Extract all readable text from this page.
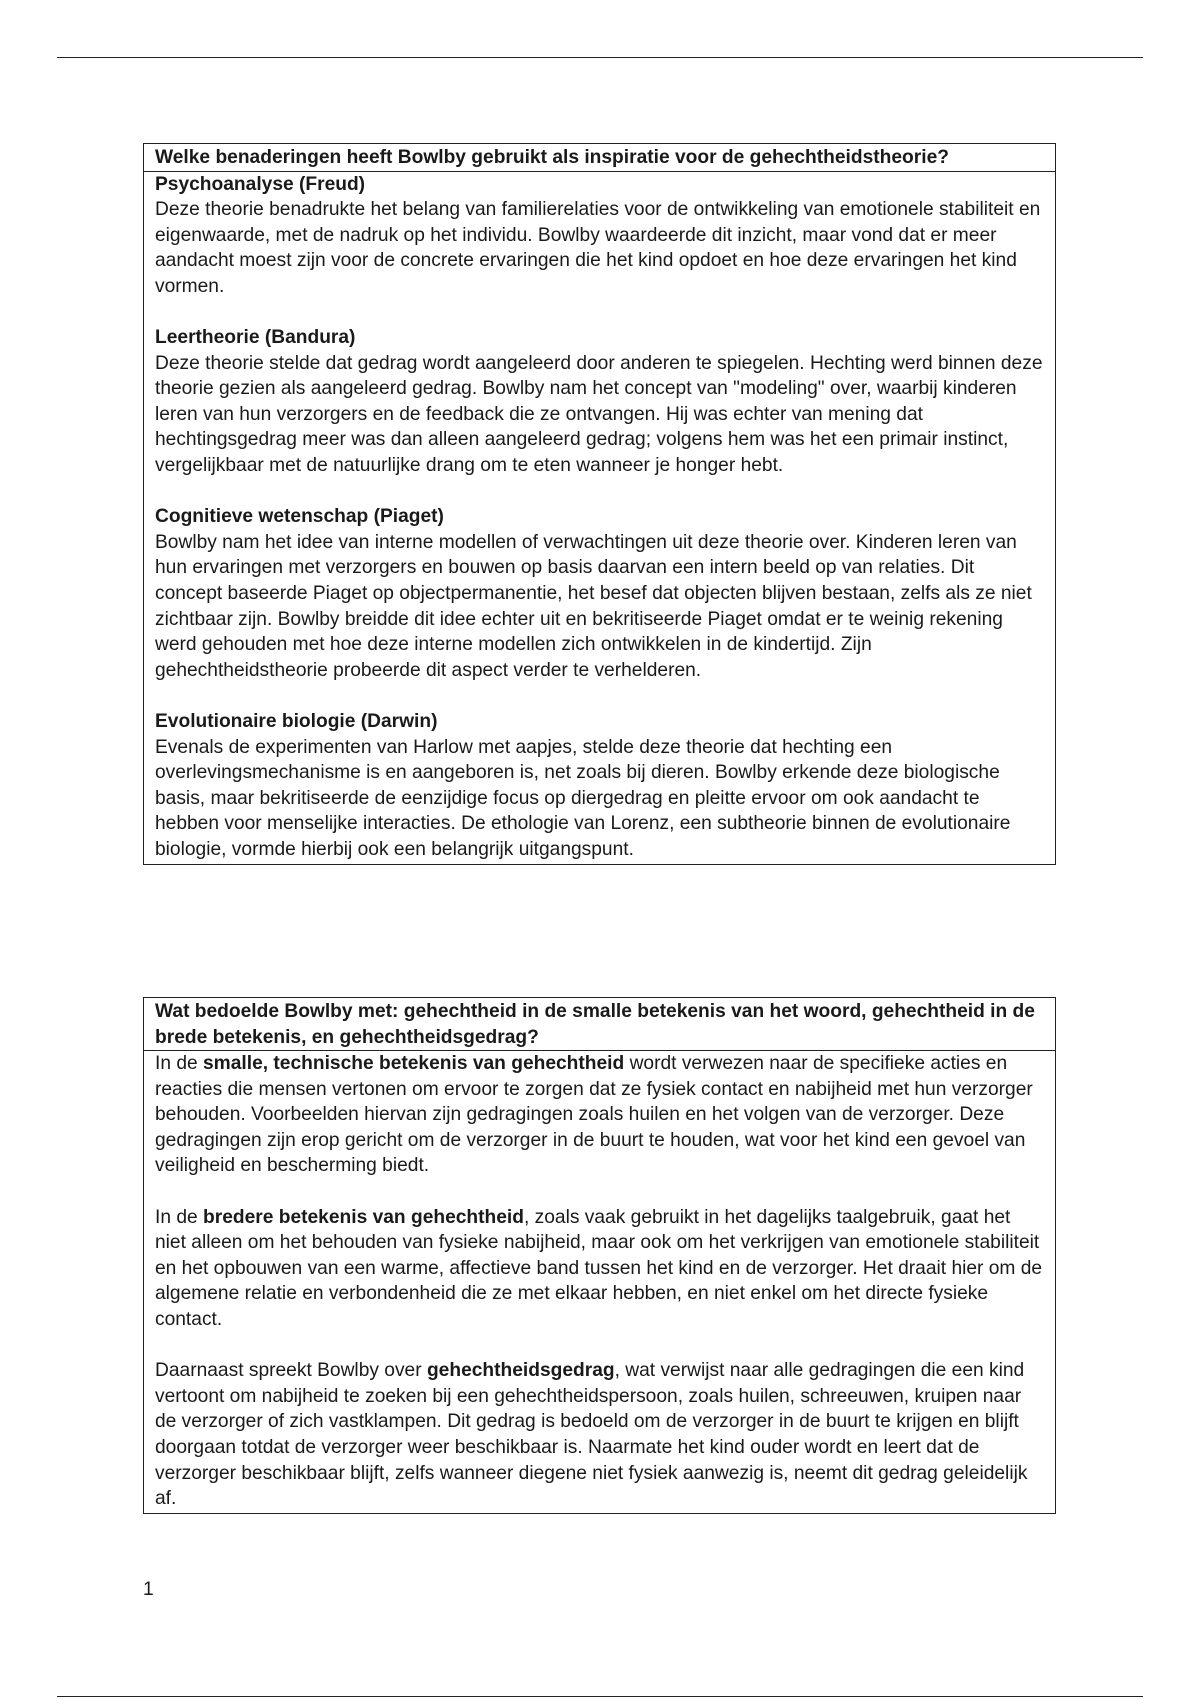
Welke benaderingen heeft Bowlby gebruikt als inspiratie voor de gehechtheidstheorie?

Psychoanalyse (Freud)

Deze theorie benadrukte het belang van familierelaties voor de ontwikkeling van emotionele stabiliteit en eigenwaarde, met de nadruk op het individu. Bowlby waardeerde dit inzicht, maar vond dat er meer aandacht moest zijn voor de concrete ervaringen die het kind opdoet en hoe deze ervaringen het kind vormen.

Leertheorie (Bandura)

Deze theorie stelde dat gedrag wordt aangeleerd door anderen te spiegelen. Hechting werd binnen deze theorie gezien als aangeleerd gedrag. Bowlby nam het concept van "modeling" over, waarbij kinderen leren van hun verzorgers en de feedback die ze ontvangen. Hij was echter van mening dat hechtingsgedrag meer was dan alleen aangeleerd gedrag; volgens hem was het een primair instinct, vergelijkbaar met de natuurlijke drang om te eten wanneer je honger hebt.

Cognitieve wetenschap (Piaget)

Bowlby nam het idee van interne modellen of verwachtingen uit deze theorie over. Kinderen leren van hun ervaringen met verzorgers en bouwen op basis daarvan een intern beeld op van relaties. Dit concept baseerde Piaget op objectpermanentie, het besef dat objecten blijven bestaan, zelfs als ze niet zichtbaar zijn. Bowlby breidde dit idee echter uit en bekritiseerde Piaget omdat er te weinig rekening werd gehouden met hoe deze interne modellen zich ontwikkelen in de kindertijd. Zijn gehechtheidstheorie probeerde dit aspect verder te verhelderen.

Evolutionaire biologie (Darwin)

Evenals de experimenten van Harlow met aapjes, stelde deze theorie dat hechting een overlevingsmechanisme is en aangeboren is, net zoals bij dieren. Bowlby erkende deze biologische basis, maar bekritiseerde de eenzijdige focus op diergedrag en pleitte ervoor om ook aandacht te hebben voor menselijke interacties. De ethologie van Lorenz, een subtheorie binnen de evolutionaire biologie, vormde hierbij ook een belangrijk uitgangspunt.

Wat bedoelde Bowlby met: gehechtheid in de smalle betekenis van het woord, gehechtheid in de brede betekenis, en gehechtheidsgedrag?

In de smalle, technische betekenis van gehechtheid wordt verwezen naar de specifieke acties en reacties die mensen vertonen om ervoor te zorgen dat ze fysiek contact en nabijheid met hun verzorger behouden. Voorbeelden hiervan zijn gedragingen zoals huilen en het volgen van de verzorger. Deze gedragingen zijn erop gericht om de verzorger in de buurt te houden, wat voor het kind een gevoel van veiligheid en bescherming biedt.

In de bredere betekenis van gehechtheid, zoals vaak gebruikt in het dagelijks taalgebruik, gaat het niet alleen om het behouden van fysieke nabijheid, maar ook om het verkrijgen van emotionele stabiliteit en het opbouwen van een warme, affectieve band tussen het kind en de verzorger. Het draait hier om de algemene relatie en verbondenheid die ze met elkaar hebben, en niet enkel om het directe fysieke contact.

Daarnaast spreekt Bowlby over gehechtheidsgedrag, wat verwijst naar alle gedragingen die een kind vertoont om nabijheid te zoeken bij een gehechtheidspersoon, zoals huilen, schreeuwen, kruipen naar de verzorger of zich vastklampen. Dit gedrag is bedoeld om de verzorger in de buurt te krijgen en blijft doorgaan totdat de verzorger weer beschikbaar is. Naarmate het kind ouder wordt en leert dat de verzorger beschikbaar blijft, zelfs wanneer diegene niet fysiek aanwezig is, neemt dit gedrag geleidelijk af.

1
